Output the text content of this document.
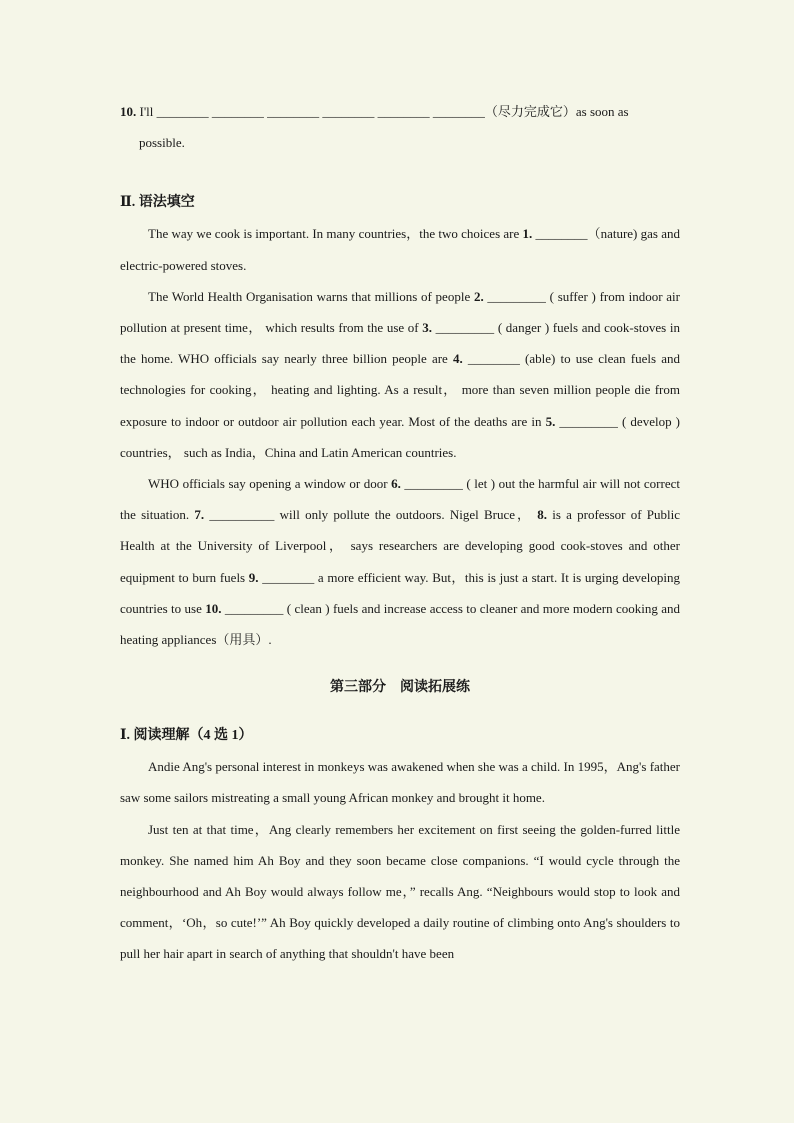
10. I'll ________ ________ ________ ________ ________ ________（尽力完成它）as soon as
possible.

Ⅱ. 语法填空

The way we cook is important. In many countries，the two choices are 1. ________（nature) gas and electric-powered stoves.

The World Health Organisation warns that millions of people 2. _________ ( suffer ) from indoor air pollution at present time， which results from the use of 3. _________ ( danger ) fuels and cook-stoves in the home. WHO officials say nearly three billion people are 4. ________ (able) to use clean fuels and technologies for cooking， heating and lighting. As a result， more than seven million people die from exposure to indoor or outdoor air pollution each year. Most of the deaths are in 5. _________ ( develop ) countries， such as India，China and Latin American countries.

WHO officials say opening a window or door 6. _________ ( let ) out the harmful air will not correct the situation. 7. __________ will only pollute the outdoors. Nigel Bruce， 8. is a professor of Public Health at the University of Liverpool， says researchers are developing good cook-stoves and other equipment to burn fuels 9. ________ a more efficient way. But，this is just a start. It is urging developing countries to use 10. _________ ( clean ) fuels and increase access to cleaner and more modern cooking and heating appliances（用具）.

第三部分　阅读拓展练

Ⅰ. 阅读理解（4 选 1）

Andie Ang's personal interest in monkeys was awakened when she was a child. In 1995，Ang's father saw some sailors mistreating a small young African monkey and brought it home.

Just ten at that time，Ang clearly remembers her excitement on first seeing the golden-furred little monkey. She named him Ah Boy and they soon became close companions. “I would cycle through the neighbourhood and Ah Boy would always follow me，” recalls Ang. “Neighbours would stop to look and comment，‘Oh，so cute!’” Ah Boy quickly developed a daily routine of climbing onto Ang's shoulders to pull her hair apart in search of anything that shouldn't have been
